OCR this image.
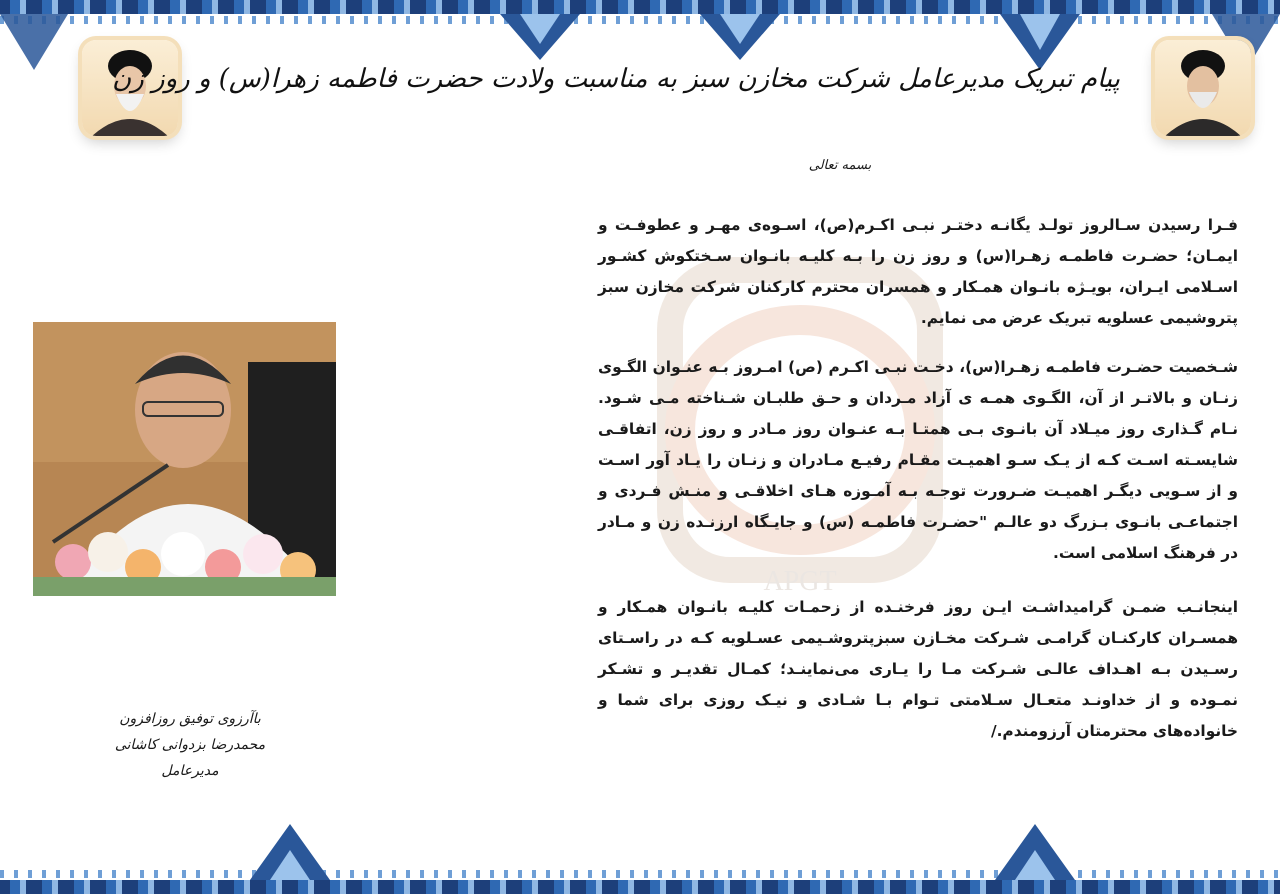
APGT
پیام تبریک مدیرعامل شرکت مخازن سبز به مناسبت ولادت حضرت فاطمه زهرا(س) و روز زن
بسمه تعالی
فـرا رسیدن سـالروز تولـد یگانـه دختـر نبـی اکـرم(ص)، اسـوه‌ی مهـر و عطوفـت و ایمـان؛ حضـرت فاطمـه زهـرا(س) و روز زن را بـه کلیـه بانـوان سـختکوش کشـور اسـلامی ایـران، بویـژه بانـوان همـکار و همسران محترم کارکنان شرکت مخازن سبز پتروشیمی عسلویه تبریک عرض می نمایم.
شـخصیت حضـرت فاطمـه زهـرا(س)، دخـت نبـی اکـرم (ص) امـروز بـه عنـوان الگـوی زنـان و بالاتـر از آن، الگـوی همـه ی آزاد مـردان و حـق طلبـان شـناخته مـی شـود. نـام گـذاری روز میـلاد آن بانـوی بـی همتـا بـه عنـوان روز مـادر و روز زن، اتفاقـی شایسـته اسـت کـه از یـک سـو اهمیـت مقـام رفیـع مـادران و زنـان را یـاد آور اسـت و از سـویی دیگـر اهمیـت ضـرورت توجـه بـه آمـوزه هـای اخلاقـی و منـش فـردی و اجتماعـی بانـوی بـزرگ دو عالـم "حضـرت فاطمـه (س) و جایـگاه ارزنـده زن و مـادر در فرهنگ اسلامی است.
اینجانـب ضمـن گرامیداشـت ایـن روز فرخنـده از زحمـات کلیـه بانـوان همـکار و همسـران کارکنـان گرامـی شـرکت مخـازن سبزپتروشـیمی عسـلویه کـه در راسـتای رسـیدن بـه اهـداف عالـی شـرکت مـا را یـاری می‌نماینـد؛ کمـال تقدیـر و تشـکر نمـوده و از خداونـد متعـال سـلامتی تـوام بـا شـادی و نیـک روزی برای شما و خانواده‌های محترمتان آرزومندم./
باآرزوی توفیق روزافزون
محمدرضا بزدوانی کاشانی
مدیرعامل
